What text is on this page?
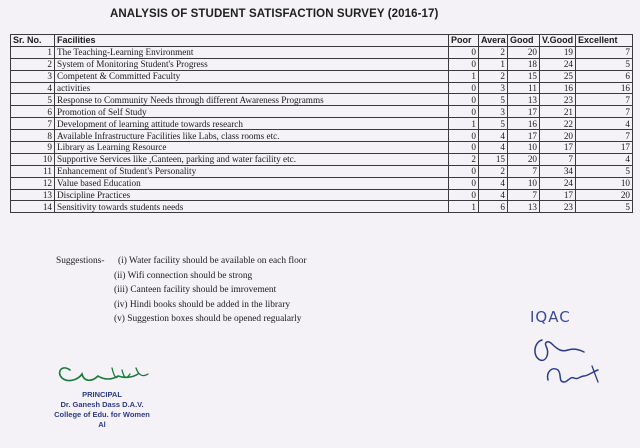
ANALYSIS OF STUDENT SATISFACTION SURVEY (2016-17)
Sr. No.	Facilities	Poor	Avera	Good	V.Good	Excellent
1	The Teaching-Learning Environment	0	2	20	19	7
2	System of Monitoring Student's Progress	0	1	18	24	5
3	Competent & Committed Faculty	1	2	15	25	6
4	activities	0	3	11	16	16
5	Response to Community Needs through different Awareness Programms	0	5	13	23	7
6	Promotion of Self Study	0	3	17	21	7
7	Development of learning attitude towards research	1	5	16	22	4
8	Available Infrastructure Facilities like Labs, class rooms etc.	0	4	17	20	7
9	Library as Learning Resource	0	4	10	17	17
10	Supportive Services like ,Canteen, parking and water facility etc.	2	15	20	7	4
11	Enhancement of Student's Personality	0	2	7	34	5
12	Value based Education	0	4	10	24	10
13	Discipline Practices	0	4	7	17	20
14	Sensitivity towards students needs	1	6	13	23	5
Suggestions- (i) Water facility should be available on each floor
(ii) Wifi connection should be strong
(iii) Canteen facility should be imrovement
(iv) Hindi books should be added in the library
(v) Suggestion boxes should be opened regualarly
PRINCIPAL
Dr. Ganesh Dass D.A.V.
College of Edu. for Women
Al
IQAC
